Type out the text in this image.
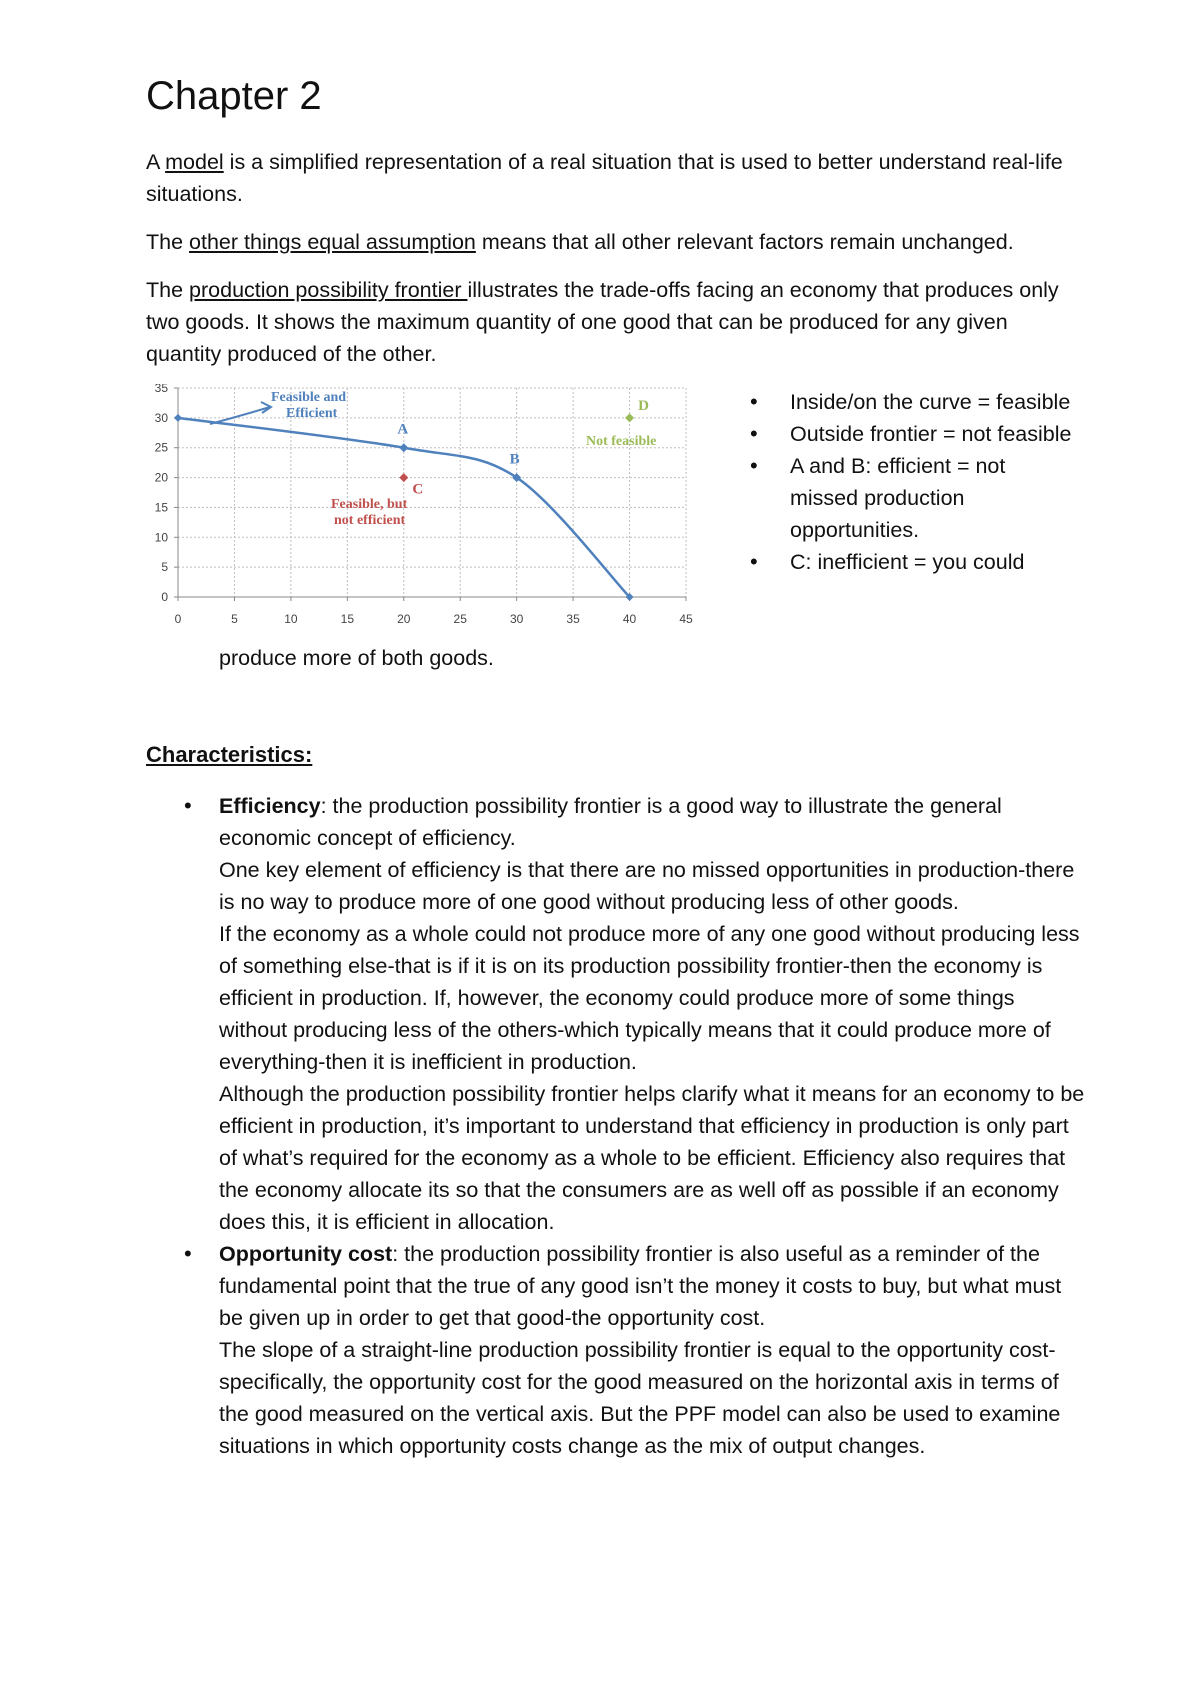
Chapter 2

A model is a simplified representation of a real situation that is used to better understand real-life situations.

The other things equal assumption means that all other relevant factors remain unchanged.

The production possibility frontier illustrates the trade-offs facing an economy that produces only two goods. It shows the maximum quantity of one good that can be produced for any given quantity produced of the other.

0
5
10
15
20
25
30
35
0	5	10	15	20	25	30	35	40	45
A
B
C
D
Feasible and
Efficient
Not feasible
Feasible, but
not efficient
• Inside/on the curve = feasible
• Outside frontier = not feasible
• A and B: efficient = not missed production opportunities.
• C: inefficient = you could
produce more of both goods.
Characteristics:

• Efficiency: the production possibility frontier is a good way to illustrate the general economic concept of efficiency.

One key element of efficiency is that there are no missed opportunities in production-there is no way to produce more of one good without producing less of other goods.

If the economy as a whole could not produce more of any one good without producing less of something else-that is if it is on its production possibility frontier-then the economy is efficient in production. If, however, the economy could produce more of some things without producing less of the others-which typically means that it could produce more of everything-then it is inefficient in production.

Although the production possibility frontier helps clarify what it means for an economy to be efficient in production, it’s important to understand that efficiency in production is only part of what’s required for the economy as a whole to be efficient. Efficiency also requires that the economy allocate its so that the consumers are as well off as possible if an economy does this, it is efficient in allocation.

• Opportunity cost: the production possibility frontier is also useful as a reminder of the fundamental point that the true of any good isn’t the money it costs to buy, but what must be given up in order to get that good-the opportunity cost.

The slope of a straight-line production possibility frontier is equal to the opportunity cost-specifically, the opportunity cost for the good measured on the horizontal axis in terms of the good measured on the vertical axis. But the PPF model can also be used to examine situations in which opportunity costs change as the mix of output changes.
